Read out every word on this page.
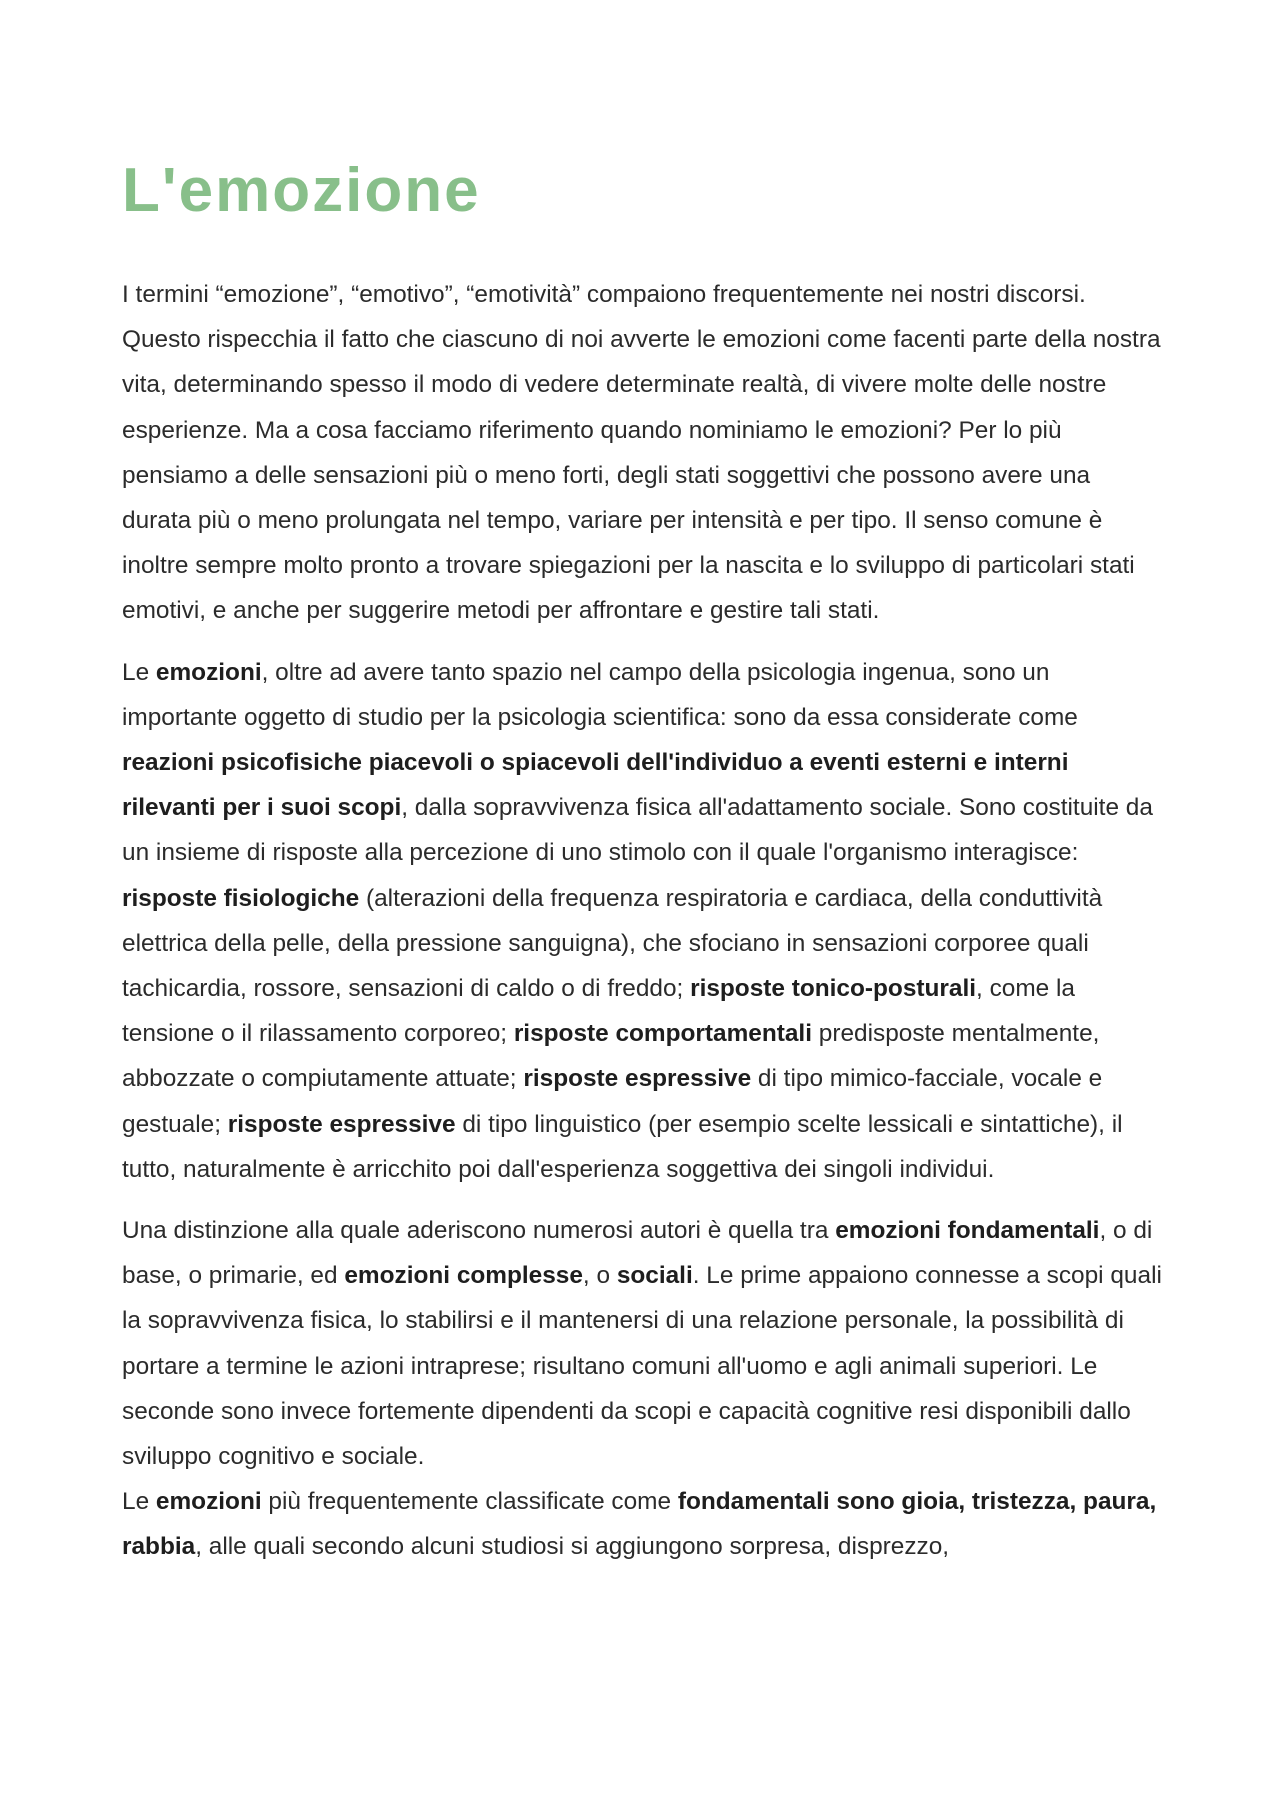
L'emozione

I termini “emozione”, “emotivo”, “emotività” compaiono frequentemente nei nostri discorsi. Questo rispecchia il fatto che ciascuno di noi avverte le emozioni come facenti parte della nostra vita, determinando spesso il modo di vedere determinate realtà, di vivere molte delle nostre esperienze. Ma a cosa facciamo riferimento quando nominiamo le emozioni? Per lo più pensiamo a delle sensazioni più o meno forti, degli stati soggettivi che possono avere una durata più o meno prolungata nel tempo, variare per intensità e per tipo. Il senso comune è inoltre sempre molto pronto a trovare spiegazioni per la nascita e lo sviluppo di particolari stati emotivi, e anche per suggerire metodi per affrontare e gestire tali stati.

Le emozioni, oltre ad avere tanto spazio nel campo della psicologia ingenua, sono un importante oggetto di studio per la psicologia scientifica: sono da essa considerate come reazioni psicofisiche piacevoli o spiacevoli dell'individuo a eventi esterni e interni rilevanti per i suoi scopi, dalla sopravvivenza fisica all'adattamento sociale. Sono costituite da un insieme di risposte alla percezione di uno stimolo con il quale l'organismo interagisce: risposte fisiologiche (alterazioni della frequenza respiratoria e cardiaca, della conduttività elettrica della pelle, della pressione sanguigna), che sfociano in sensazioni corporee quali tachicardia, rossore, sensazioni di caldo o di freddo; risposte tonico-posturali, come la tensione o il rilassamento corporeo; risposte comportamentali predisposte mentalmente, abbozzate o compiutamente attuate; risposte espressive di tipo mimico-facciale, vocale e gestuale; risposte espressive di tipo linguistico (per esempio scelte lessicali e sintattiche), il tutto, naturalmente è arricchito poi dall'esperienza soggettiva dei singoli individui.

Una distinzione alla quale aderiscono numerosi autori è quella tra emozioni fondamentali, o di base, o primarie, ed emozioni complesse, o sociali. Le prime appaiono connesse a scopi quali la sopravvivenza fisica, lo stabilirsi e il mantenersi di una relazione personale, la possibilità di portare a termine le azioni intraprese; risultano comuni all'uomo e agli animali superiori. Le seconde sono invece fortemente dipendenti da scopi e capacità cognitive resi disponibili dallo sviluppo cognitivo e sociale.

Le emozioni più frequentemente classificate come fondamentali sono gioia, tristezza, paura, rabbia, alle quali secondo alcuni studiosi si aggiungono sorpresa, disprezzo,
